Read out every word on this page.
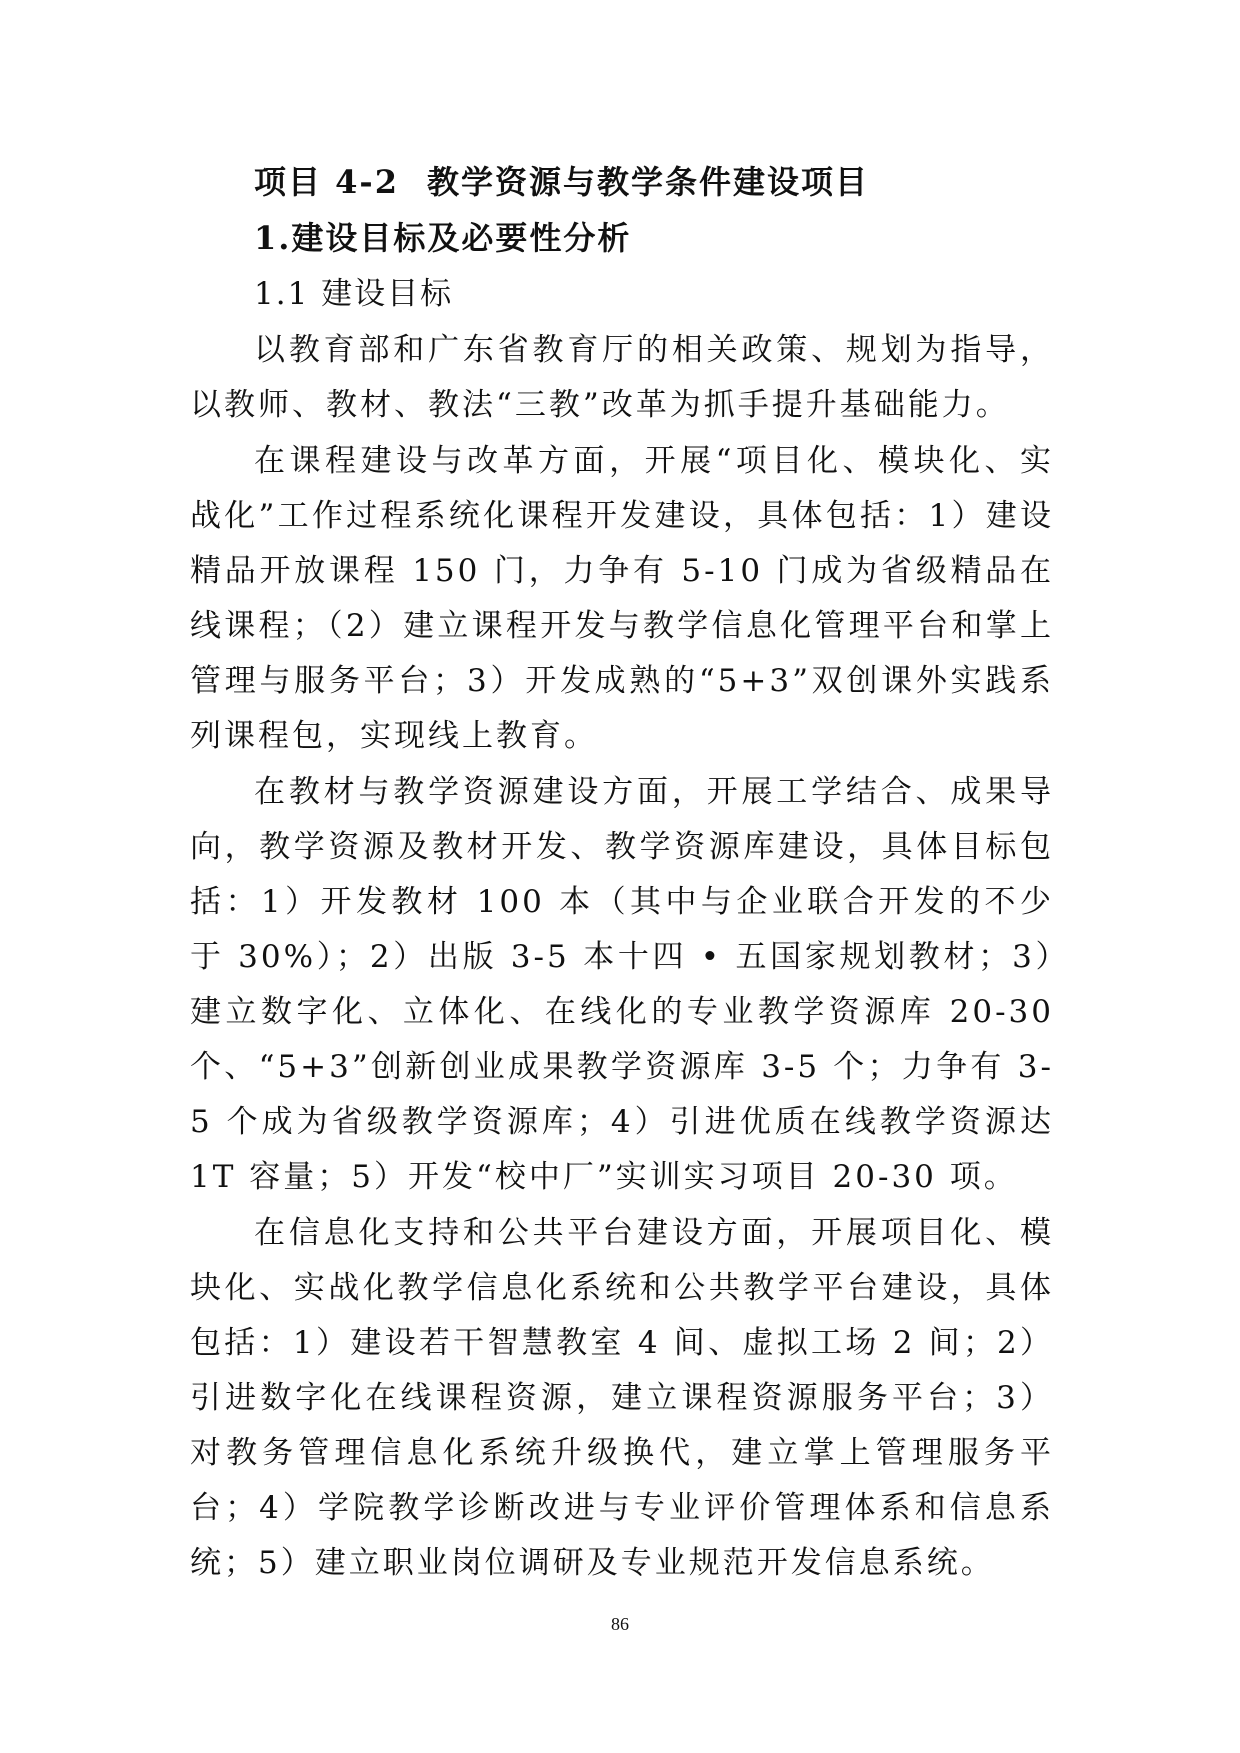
项目 4-2 教学资源与教学条件建设项目

1.建设目标及必要性分析

1.1 建设目标

以教育部和广东省教育厅的相关政策、规划为指导，以教师、教材、教法“三教”改革为抓手提升基础能力。

在课程建设与改革方面，开展“项目化、模块化、实战化”工作过程系统化课程开发建设，具体包括：1）建设精品开放课程 150 门，力争有 5-10 门成为省级精品在线课程；（2）建立课程开发与教学信息化管理平台和掌上管理与服务平台；3）开发成熟的“5+3”双创课外实践系列课程包，实现线上教育。

在教材与教学资源建设方面，开展工学结合、成果导向，教学资源及教材开发、教学资源库建设，具体目标包括：1）开发教材 100 本（其中与企业联合开发的不少于 30%）；2）出版 3-5 本十四 • 五国家规划教材；3）建立数字化、立体化、在线化的专业教学资源库 20-30 个、“5+3”创新创业成果教学资源库 3-5 个；力争有 3-5 个成为省级教学资源库；4）引进优质在线教学资源达 1T 容量；5）开发“校中厂”实训实习项目 20-30 项。

在信息化支持和公共平台建设方面，开展项目化、模块化、实战化教学信息化系统和公共教学平台建设，具体包括：1）建设若干智慧教室 4 间、虚拟工场 2 间；2）引进数字化在线课程资源，建立课程资源服务平台；3）对教务管理信息化系统升级换代，建立掌上管理服务平台；4）学院教学诊断改进与专业评价管理体系和信息系统；5）建立职业岗位调研及专业规范开发信息系统。

86
